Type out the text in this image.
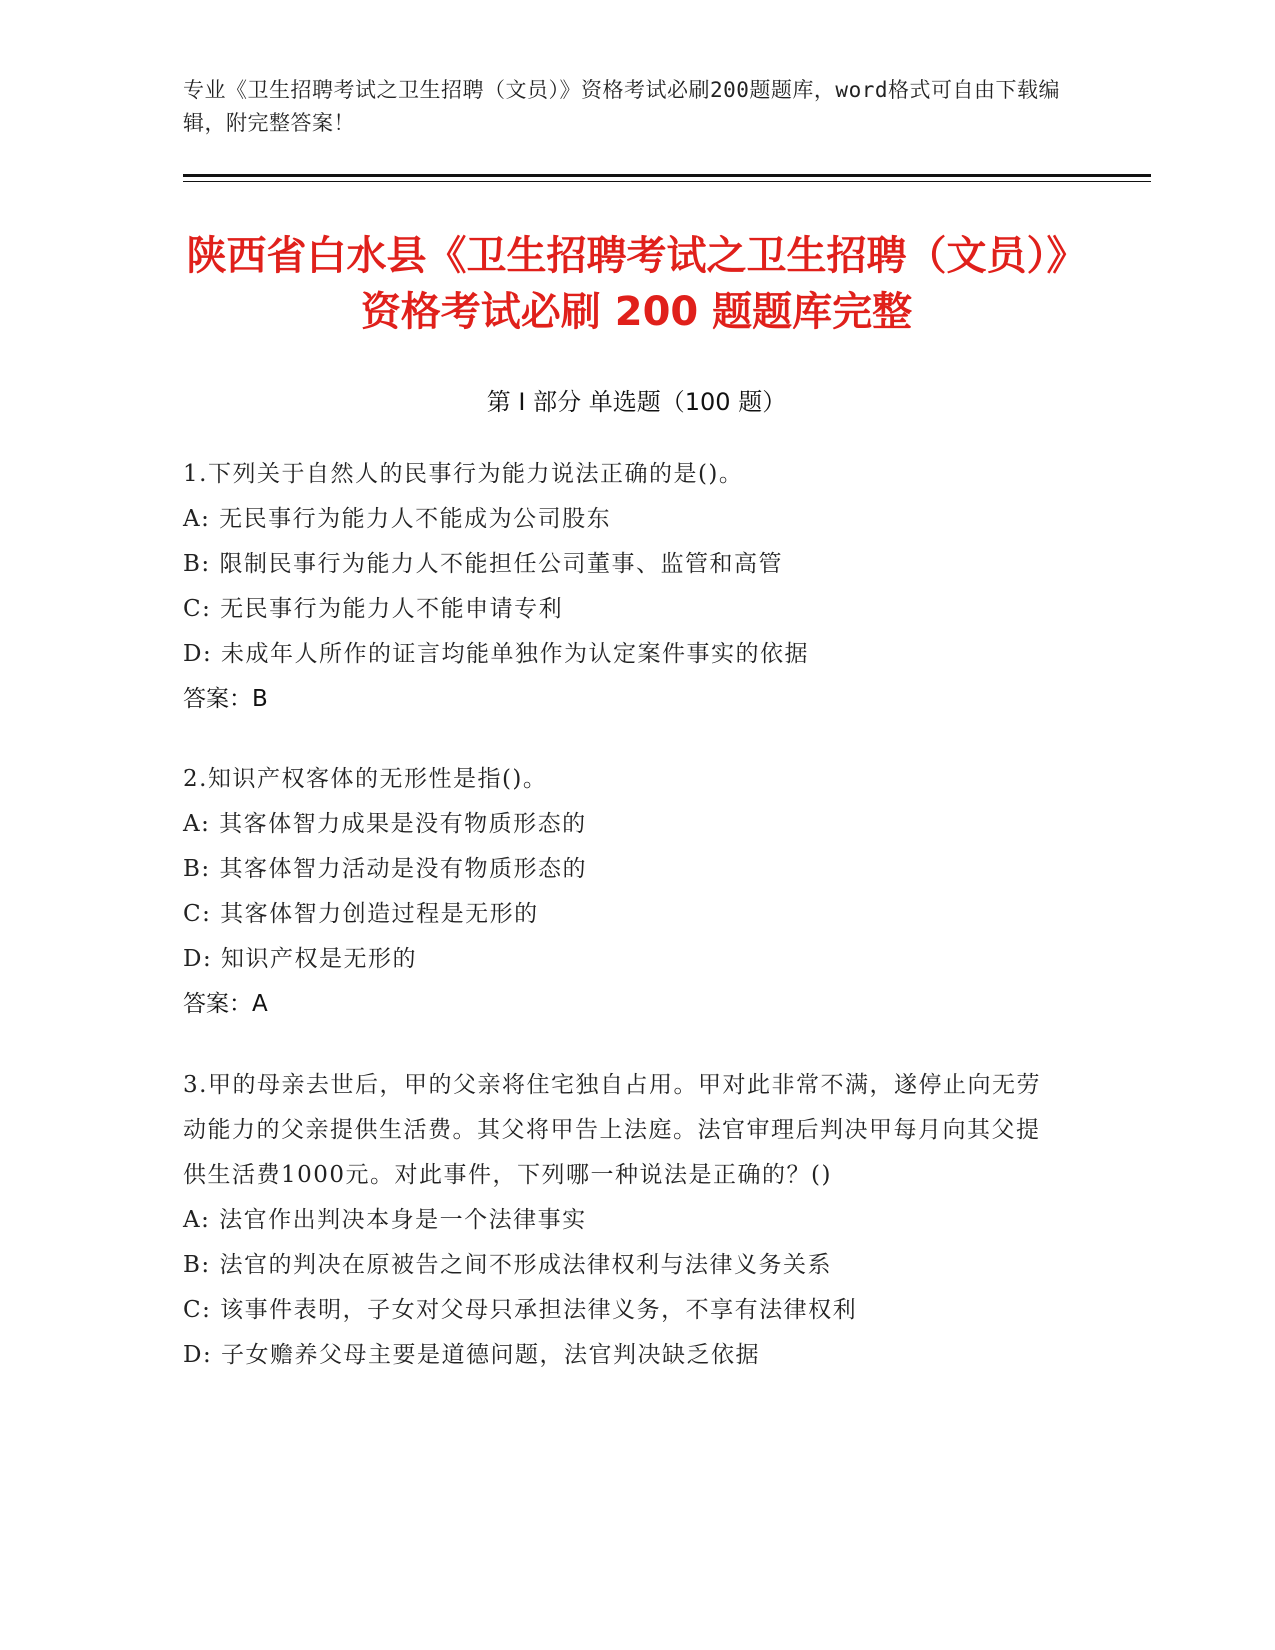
专业《卫生招聘考试之卫生招聘（文员）》资格考试必刷200题题库，word格式可自由下载编辑，附完整答案！
陕西省白水县《卫生招聘考试之卫生招聘（文员）》资格考试必刷 200 题题库完整
第 I 部分 单选题（100 题）
1.下列关于自然人的民事行为能力说法正确的是()。
A: 无民事行为能力人不能成为公司股东
B: 限制民事行为能力人不能担任公司董事、监管和高管
C: 无民事行为能力人不能申请专利
D: 未成年人所作的证言均能单独作为认定案件事实的依据
答案：B
2.知识产权客体的无形性是指()。
A: 其客体智力成果是没有物质形态的
B: 其客体智力活动是没有物质形态的
C: 其客体智力创造过程是无形的
D: 知识产权是无形的
答案：A
3.甲的母亲去世后，甲的父亲将住宅独自占用。甲对此非常不满，遂停止向无劳动能力的父亲提供生活费。其父将甲告上法庭。法官审理后判决甲每月向其父提供生活费1000元。对此事件，下列哪一种说法是正确的？()
A: 法官作出判决本身是一个法律事实
B: 法官的判决在原被告之间不形成法律权利与法律义务关系
C: 该事件表明，子女对父母只承担法律义务，不享有法律权利
D: 子女赡养父母主要是道德问题，法官判决缺乏依据
